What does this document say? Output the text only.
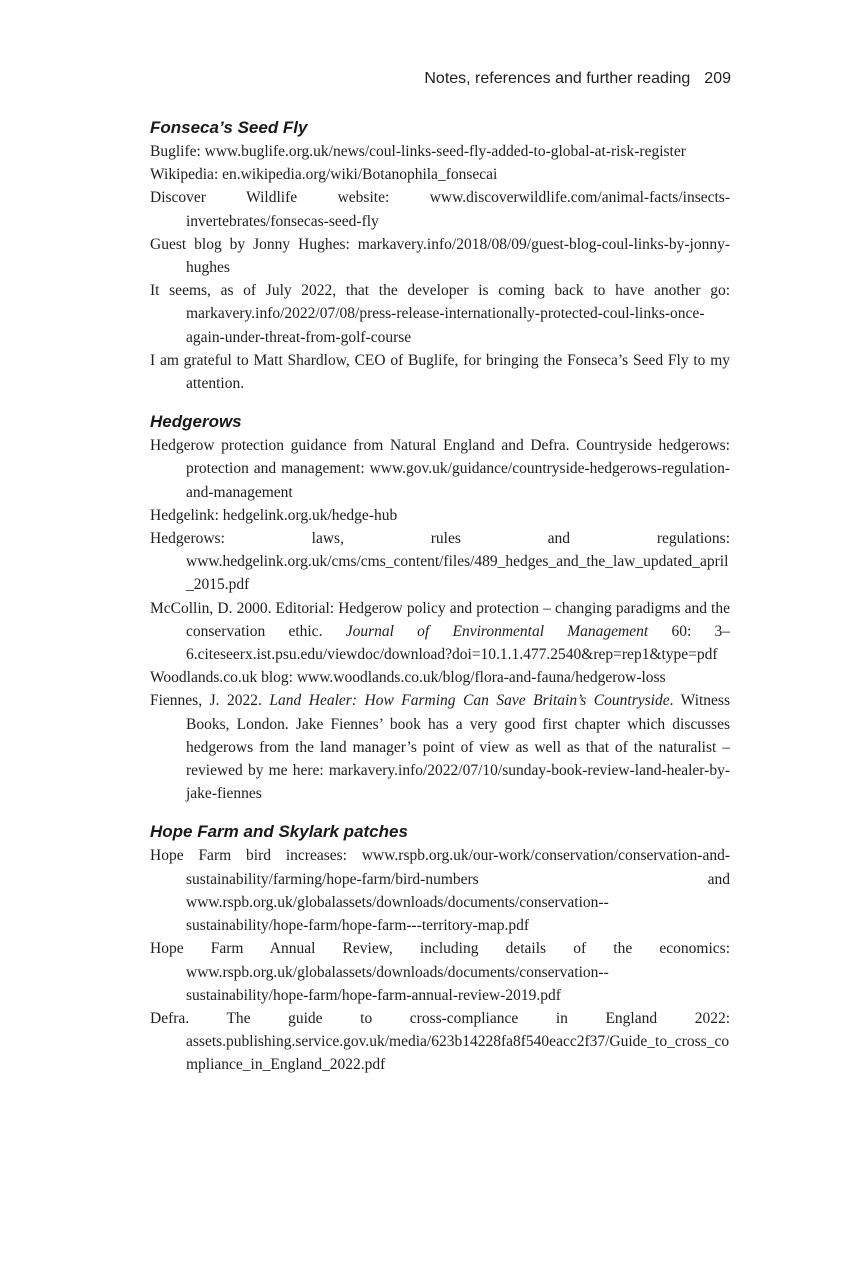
Notes, references and further reading 209
Fonseca’s Seed Fly
Buglife: www.buglife.org.uk/news/coul-links-seed-fly-added-to-global-at-risk-register
Wikipedia: en.wikipedia.org/wiki/Botanophila_fonsecai
Discover Wildlife website: www.discoverwildlife.com/animal-facts/insects-invertebrates/fonsecas-seed-fly
Guest blog by Jonny Hughes: markavery.info/2018/08/09/guest-blog-coul-links-by-jonny-hughes
It seems, as of July 2022, that the developer is coming back to have another go: markavery.info/2022/07/08/press-release-internationally-protected-coul-links-once-again-under-threat-from-golf-course
I am grateful to Matt Shardlow, CEO of Buglife, for bringing the Fonseca’s Seed Fly to my attention.
Hedgerows
Hedgerow protection guidance from Natural England and Defra. Countryside hedgerows: protection and management: www.gov.uk/guidance/countryside-hedgerows-regulation-and-management
Hedgelink: hedgelink.org.uk/hedge-hub
Hedgerows: laws, rules and regulations: www.hedgelink.org.uk/cms/cms_content/files/489_hedges_and_the_law_updated_april_2015.pdf
McCollin, D. 2000. Editorial: Hedgerow policy and protection – changing paradigms and the conservation ethic. Journal of Environmental Management 60: 3–6.citeseerx.ist.psu.edu/viewdoc/download?doi=10.1.1.477.2540&rep=rep1&type=pdf
Woodlands.co.uk blog: www.woodlands.co.uk/blog/flora-and-fauna/hedgerow-loss
Fiennes, J. 2022. Land Healer: How Farming Can Save Britain’s Countryside. Witness Books, London. Jake Fiennes’ book has a very good first chapter which discusses hedgerows from the land manager’s point of view as well as that of the naturalist – reviewed by me here: markavery.info/2022/07/10/sunday-book-review-land-healer-by-jake-fiennes
Hope Farm and Skylark patches
Hope Farm bird increases: www.rspb.org.uk/our-work/conservation/conservation-and-sustainability/farming/hope-farm/bird-numbers and www.rspb.org.uk/globalassets/downloads/documents/conservation--sustainability/hope-farm/hope-farm---territory-map.pdf
Hope Farm Annual Review, including details of the economics: www.rspb.org.uk/globalassets/downloads/documents/conservation--sustainability/hope-farm/hope-farm-annual-review-2019.pdf
Defra. The guide to cross-compliance in England 2022: assets.publishing.service.gov.uk/media/623b14228fa8f540eacc2f37/Guide_to_cross_compliance_in_England_2022.pdf
